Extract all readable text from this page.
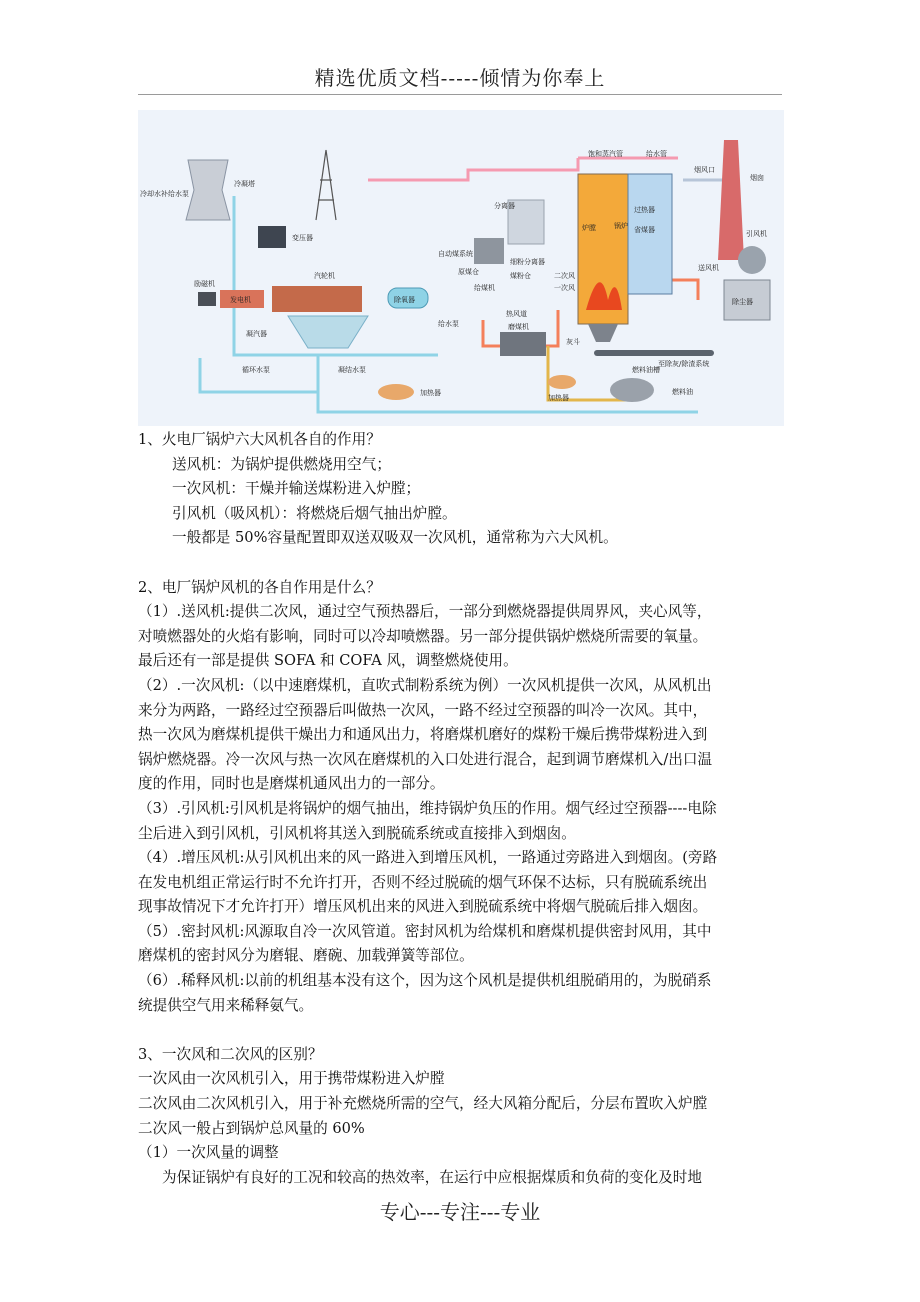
精选优质文档-----倾情为你奉上
冷凝塔
冷却水补给水泵
变压器
励磁机
发电机
汽轮机
凝汽器
循环水泵	凝结水泵
加热器
除氧器
给水泵
自动煤系统
原煤仓
分离器
细粉分离器
煤粉仓
给煤机
热风道
磨煤机
二次风
一次风
饱和蒸汽管	给水管
炉膛
过热器
省煤器
锅炉
灰斗
烟风口
烟囱
引风机
送风机
除尘器
至除灰/除渣系统
燃料油槽
加热器
燃料油
1、火电厂锅炉六大风机各自的作用？
送风机：为锅炉提供燃烧用空气；
一次风机：干燥并输送煤粉进入炉膛；
引风机（吸风机）：将燃烧后烟气抽出炉膛。
一般都是 50%容量配置即双送双吸双一次风机，通常称为六大风机。
2、电厂锅炉风机的各自作用是什么？
（1）.送风机:提供二次风，通过空气预热器后，一部分到燃烧器提供周界风，夹心风等，
对喷燃器处的火焰有影响，同时可以冷却喷燃器。另一部分提供锅炉燃烧所需要的氧量。
最后还有一部是提供 SOFA 和 COFA 风，调整燃烧使用。
（2）.一次风机:（以中速磨煤机，直吹式制粉系统为例）一次风机提供一次风，从风机出
来分为两路，一路经过空预器后叫做热一次风，一路不经过空预器的叫冷一次风。其中，
热一次风为磨煤机提供干燥出力和通风出力，将磨煤机磨好的煤粉干燥后携带煤粉进入到
锅炉燃烧器。冷一次风与热一次风在磨煤机的入口处进行混合，起到调节磨煤机入/出口温
度的作用，同时也是磨煤机通风出力的一部分。
（3）.引风机:引风机是将锅炉的烟气抽出，维持锅炉负压的作用。烟气经过空预器----电除
尘后进入到引风机，引风机将其送入到脱硫系统或直接排入到烟囱。
（4）.增压风机:从引风机出来的风一路进入到增压风机，一路通过旁路进入到烟囱。(旁路
在发电机组正常运行时不允许打开，否则不经过脱硫的烟气环保不达标，只有脱硫系统出
现事故情况下才允许打开）增压风机出来的风进入到脱硫系统中将烟气脱硫后排入烟囱。
（5）.密封风机:风源取自冷一次风管道。密封风机为给煤机和磨煤机提供密封风用，其中
磨煤机的密封风分为磨辊、磨碗、加载弹簧等部位。
（6）.稀释风机:以前的机组基本没有这个，因为这个风机是提供机组脱硝用的，为脱硝系
统提供空气用来稀释氨气。
3、一次风和二次风的区别？
一次风由一次风机引入，用于携带煤粉进入炉膛
二次风由二次风机引入，用于补充燃烧所需的空气，经大风箱分配后，分层布置吹入炉膛
二次风一般占到锅炉总风量的 60%
（1）一次风量的调整
为保证锅炉有良好的工况和较高的热效率，在运行中应根据煤质和负荷的变化及时地
专心---专注---专业
